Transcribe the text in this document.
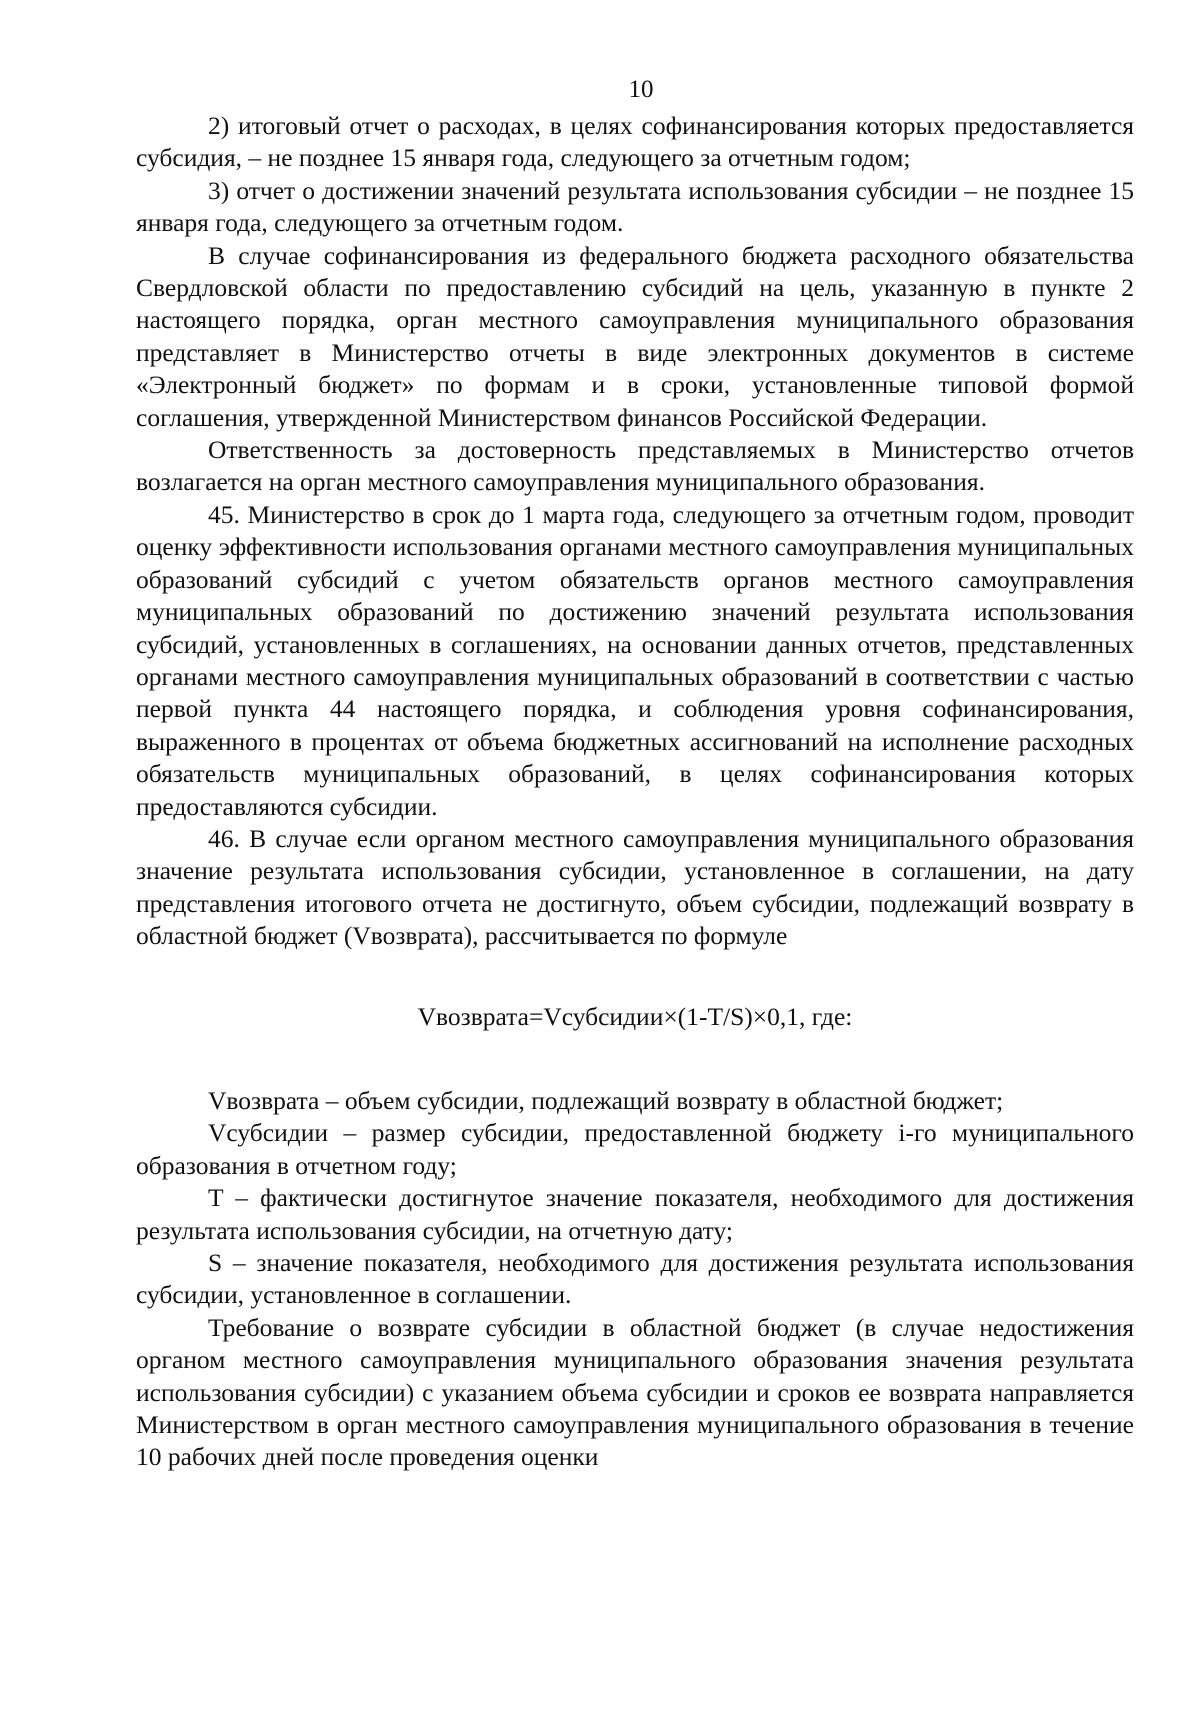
10

2) итоговый отчет о расходах, в целях софинансирования которых предоставляется субсидия, – не позднее 15 января года, следующего за отчетным годом;

3) отчет о достижении значений результата использования субсидии – не позднее 15 января года, следующего за отчетным годом.

В случае софинансирования из федерального бюджета расходного обязательства Свердловской области по предоставлению субсидий на цель, указанную в пункте 2 настоящего порядка, орган местного самоуправления муниципального образования представляет в Министерство отчеты в виде электронных документов в системе «Электронный бюджет» по формам и в сроки, установленные типовой формой соглашения, утвержденной Министерством финансов Российской Федерации.

Ответственность за достоверность представляемых в Министерство отчетов возлагается на орган местного самоуправления муниципального образования.

45. Министерство в срок до 1 марта года, следующего за отчетным годом, проводит оценку эффективности использования органами местного самоуправления муниципальных образований субсидий с учетом обязательств органов местного самоуправления муниципальных образований по достижению значений результата использования субсидий, установленных в соглашениях, на основании данных отчетов, представленных органами местного самоуправления муниципальных образований в соответствии с частью первой пункта 44 настоящего порядка, и соблюдения уровня софинансирования, выраженного в процентах от объема бюджетных ассигнований на исполнение расходных обязательств муниципальных образований, в целях софинансирования которых предоставляются субсидии.

46. В случае если органом местного самоуправления муниципального образования значение результата использования субсидии, установленное в соглашении, на дату представления итогового отчета не достигнуто, объем субсидии, подлежащий возврату в областной бюджет (Vвозврата), рассчитывается по формуле

Vвозврата=Vсубсидии×(1-T/S)×0,1, где:

Vвозврата – объем субсидии, подлежащий возврату в областной бюджет;

Vсубсидии – размер субсидии, предоставленной бюджету i-го муниципального образования в отчетном году;

T – фактически достигнутое значение показателя, необходимого для достижения результата использования субсидии, на отчетную дату;

S – значение показателя, необходимого для достижения результата использования субсидии, установленное в соглашении.

Требование о возврате субсидии в областной бюджет (в случае недостижения органом местного самоуправления муниципального образования значения результата использования субсидии) с указанием объема субсидии и сроков ее возврата направляется Министерством в орган местного самоуправления муниципального образования в течение 10 рабочих дней после проведения оценки
